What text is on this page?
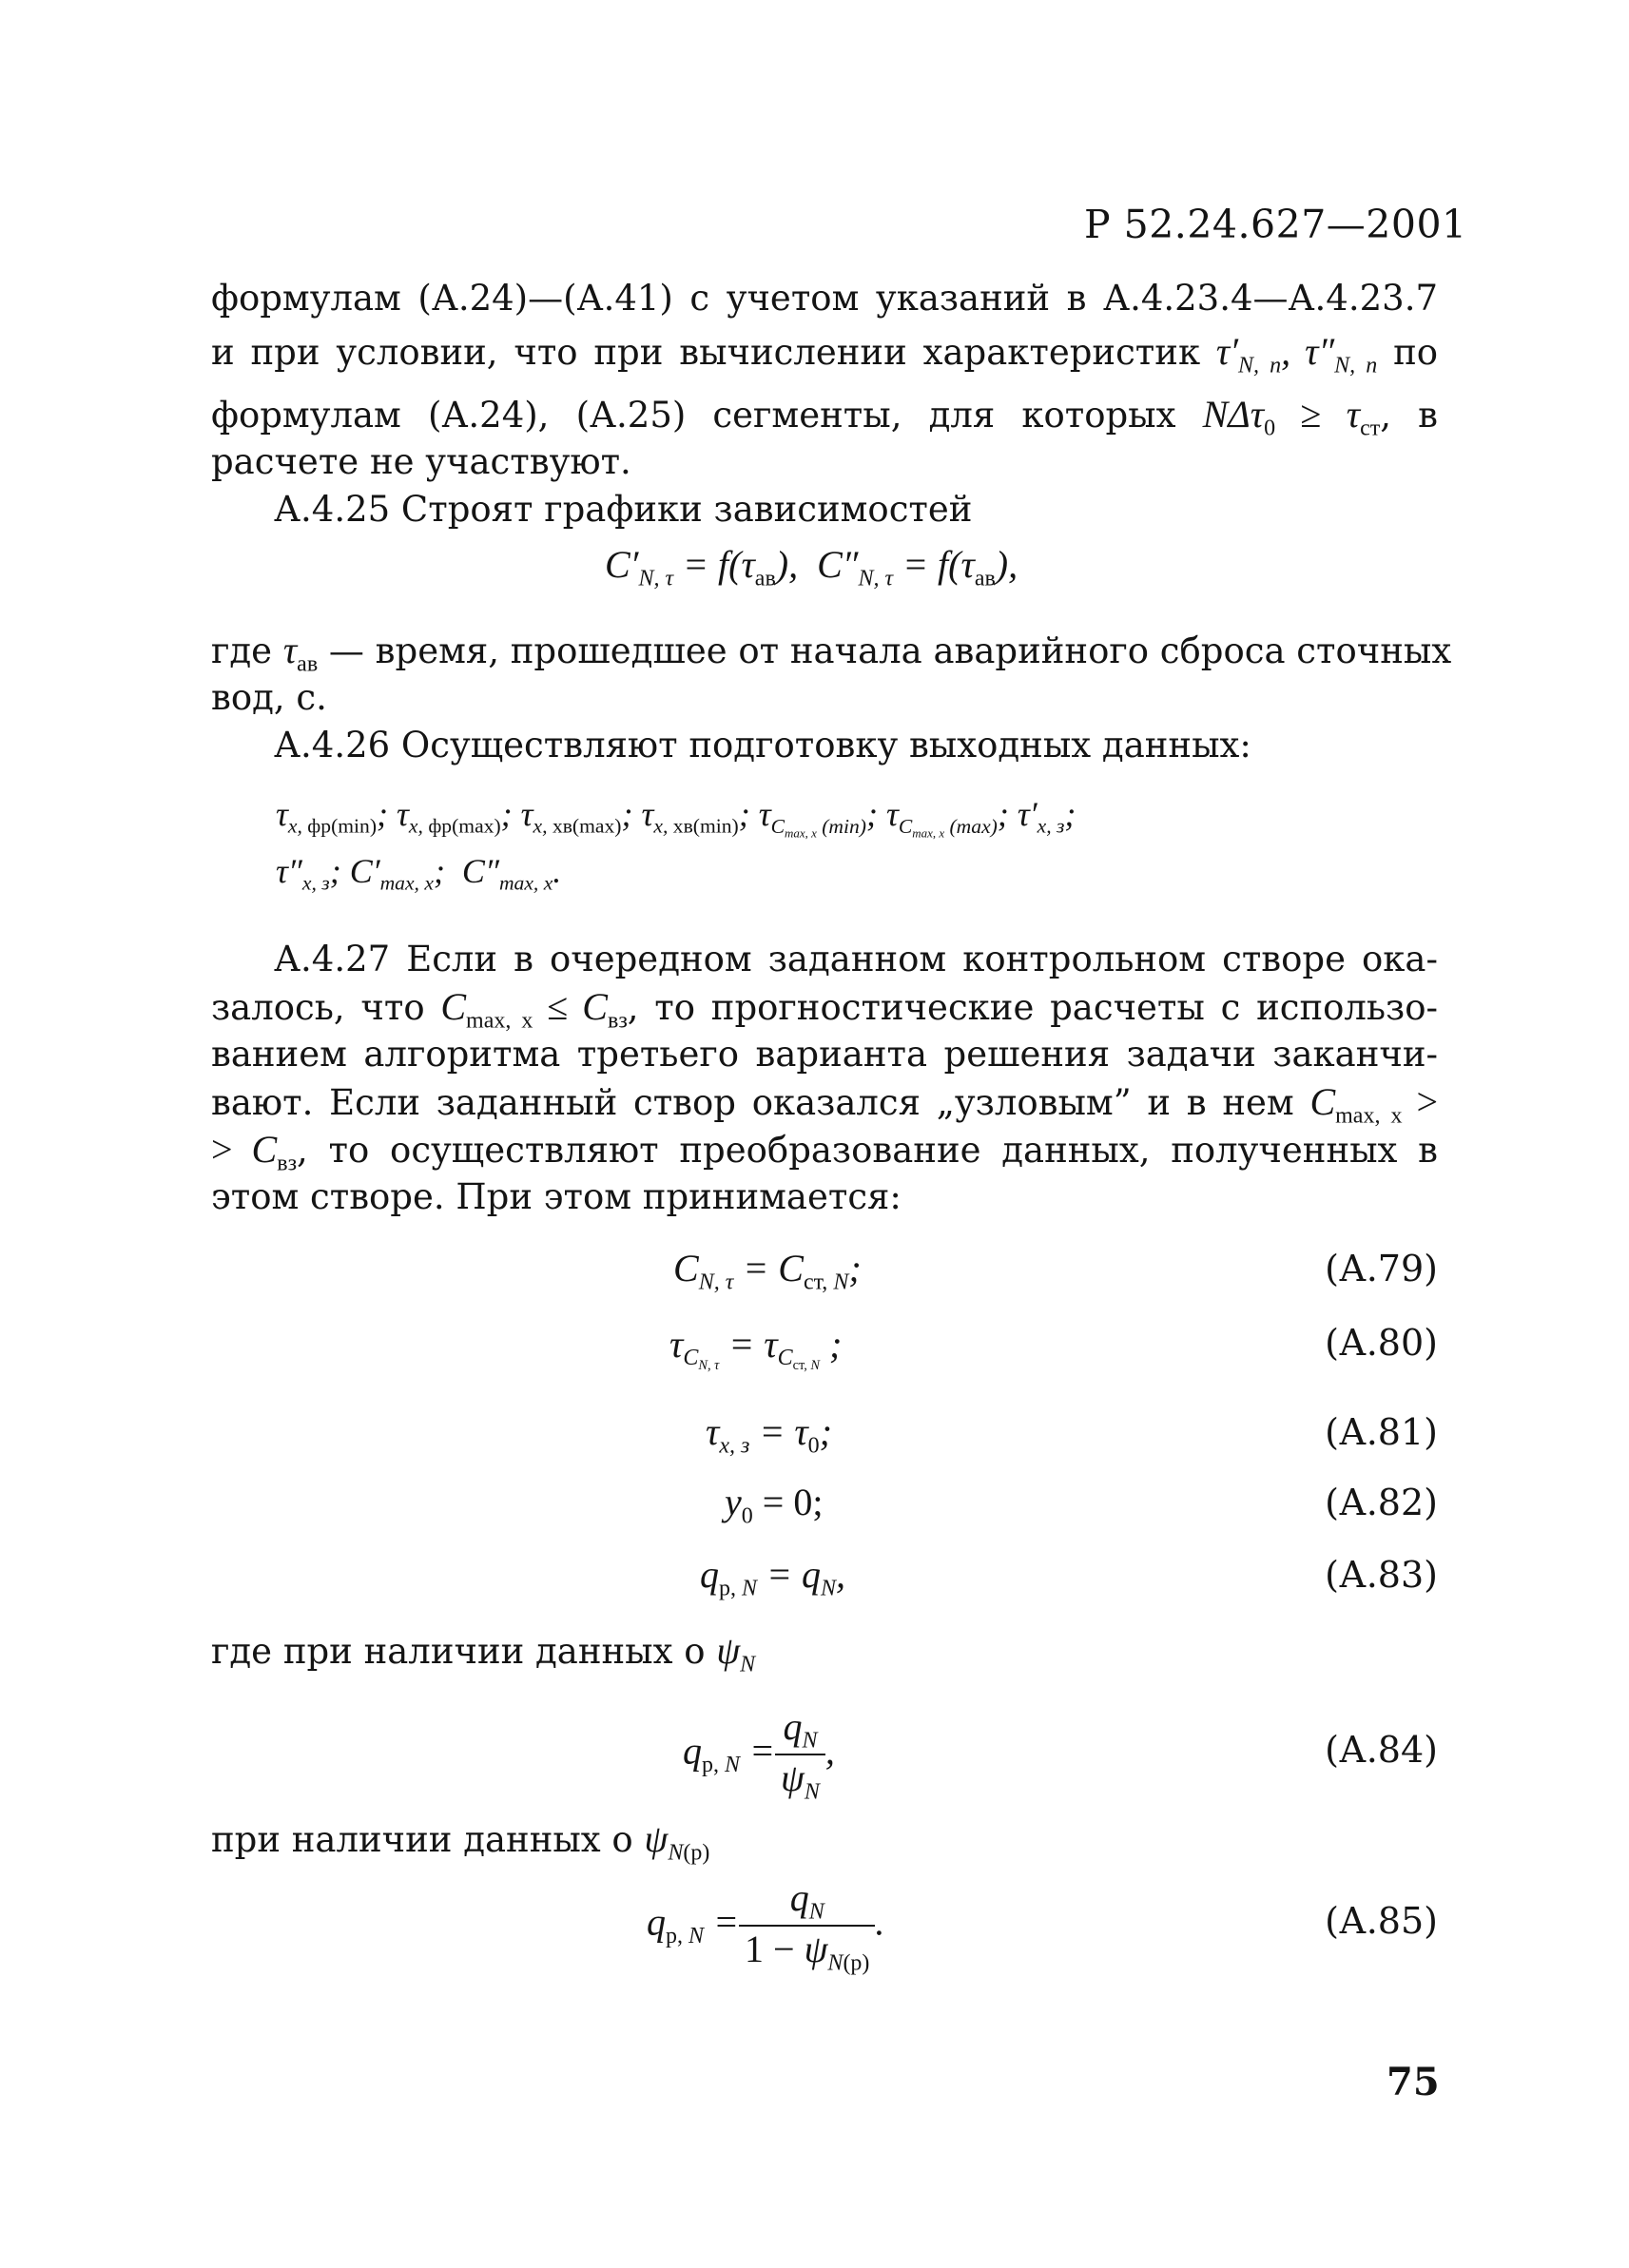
Р 52.24.627—2001
формулам (А.24)—(А.41) с учетом указаний в А.4.23.4—А.4.23.7
и при условии, что при вычислении характеристик $\tau'_{N, n}$, $\tau''_{N, n}$ по
формулам (А.24), (А.25) сегменты, для которых $N\Delta\tau_0 \ge \tau_{ст}$, в
расчете не участвуют.
А.4.25 Строят графики зависимостей
$C'_{N, \tau} = f(\tau_{ав})$,  $C''_{N, \tau} = f(\tau_{ав})$,
где $\tau_{ав}$ — время, прошедшее от начала аварийного сброса сточных
вод, с.
А.4.26 Осуществляют подготовку выходных данных:
$\tau_{x, фр(min)}$; $\tau_{x, фр(max)}$; $\tau_{x, хв(max)}$; $\tau_{x, хв(min)}$; $\tau_{C_{max, x} (min)}$; $\tau_{C_{max, x} (max)}$; $\tau'_{x, з}$;
$\tau''_{x, з}$; $C'_{max, x}$;  $C''_{max, x}$.
А.4.27 Если в очередном заданном контрольном створе ока-
залось, что $C_{max, x} \le C_{вз}$, то прогностические расчеты с использо-
ванием алгоритма третьего варианта решения задачи заканчи-
вают. Если заданный створ оказался „узловым” и в нем $C_{max, x}$ >
> $C_{вз}$, то осуществляют преобразование данных, полученных в
этом створе. При этом принимается:
$C_{N, \tau} = C_{ст, N}$;	(А.79)
$\tau_{C_{N, \tau}} = \tau_{C_{ст, N}}$ ;	(А.80)
$\tau_{x, з} = \tau_0$;	(А.81)
$y_0 = 0$;	(А.82)
$q_{р, N} = q_N$,	(А.83)
где при наличии данных о $\psi_N$
$q_{р, N} = \frac{q_N}{\psi_N}$ ,	(А.84)
при наличии данных о $\psi_{N(р)}$
$q_{р, N} = \frac{q_N}{1 - \psi_{N(р)}}$ .	(А.85)
75
